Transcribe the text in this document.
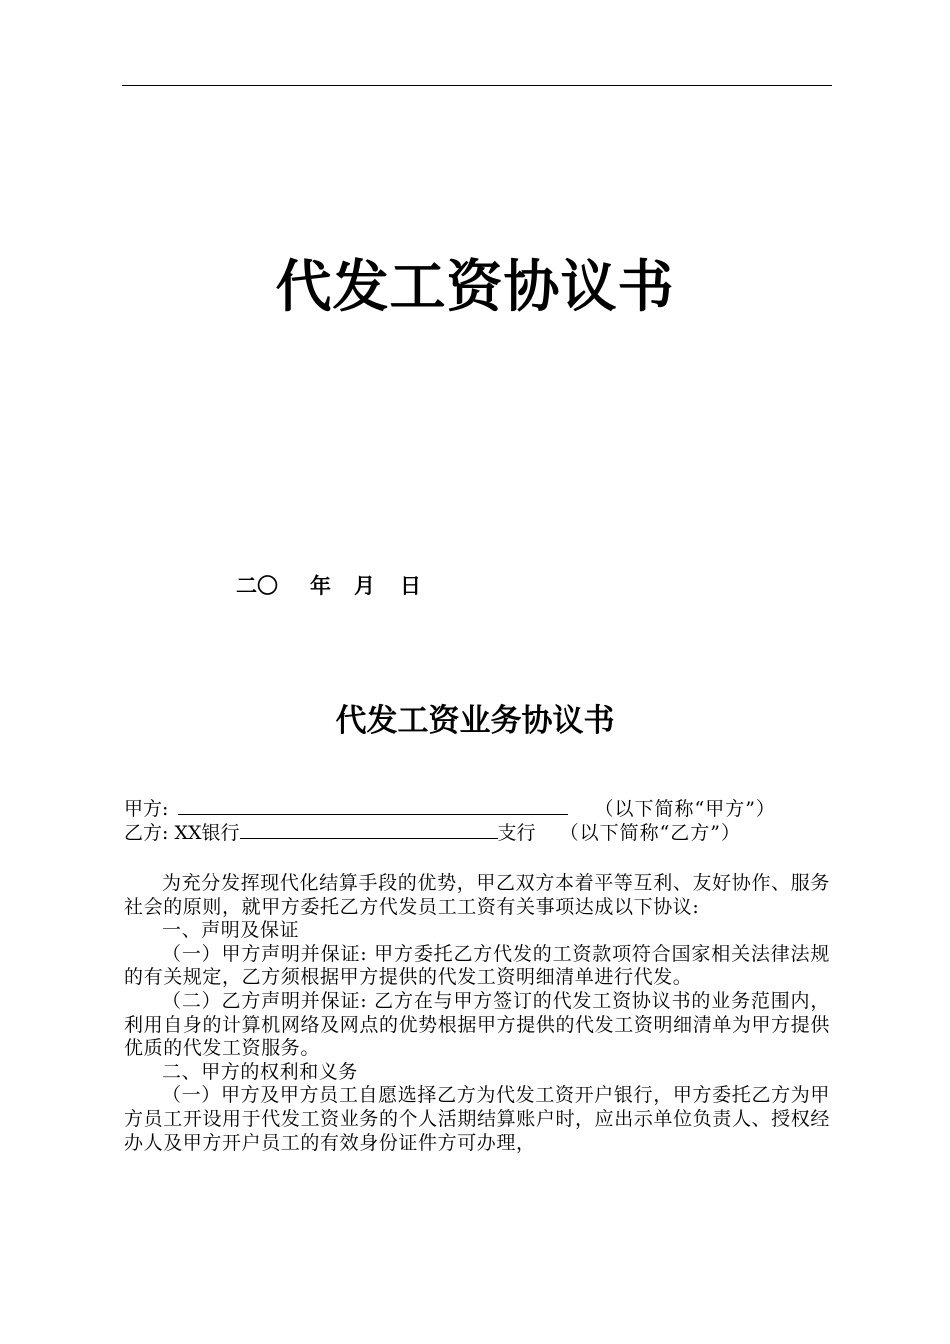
代发工资协议书
二〇 年 月 日
代发工资业务协议书
甲方:	（以下简称“甲方”）
乙方: XX银行	支行 （以下简称“乙方”）

为充分发挥现代化结算手段的优势，甲乙双方本着平等互利、友好协作、服务社会的原则，就甲方委托乙方代发员工工资有关事项达成以下协议:

一、声明及保证

（一）甲方声明并保证: 甲方委托乙方代发的工资款项符合国家相关法律法规的有关规定，乙方须根据甲方提供的代发工资明细清单进行代发。

（二）乙方声明并保证: 乙方在与甲方签订的代发工资协议书的业务范围内，利用自身的计算机网络及网点的优势根据甲方提供的代发工资明细清单为甲方提供优质的代发工资服务。

二、甲方的权利和义务

（一）甲方及甲方员工自愿选择乙方为代发工资开户银行，甲方委托乙方为甲方员工开设用于代发工资业务的个人活期结算账户时，应出示单位负责人、授权经办人及甲方开户员工的有效身份证件方可办理，
